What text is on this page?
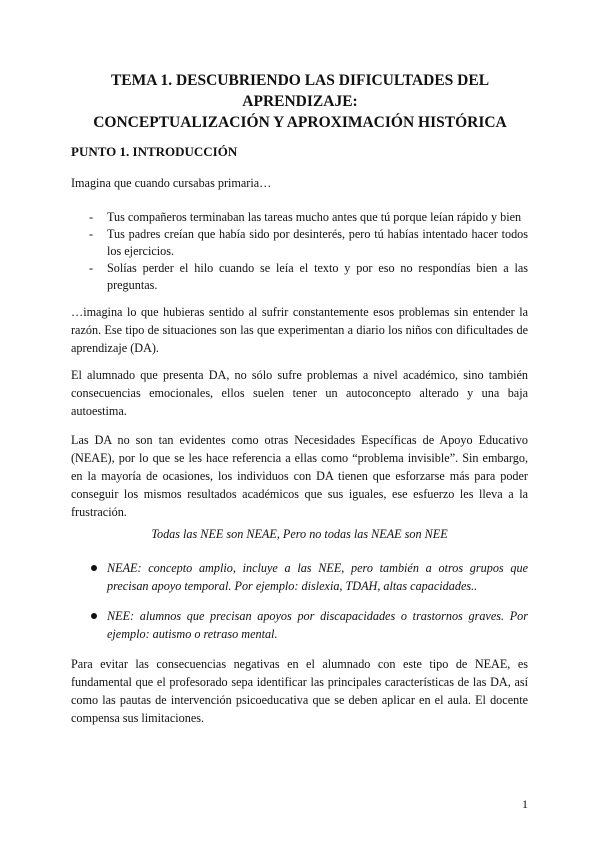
TEMA 1. DESCUBRIENDO LAS DIFICULTADES DEL APRENDIZAJE:
CONCEPTUALIZACIÓN Y APROXIMACIÓN HISTÓRICA
PUNTO 1. INTRODUCCIÓN

Imagina que cuando cursabas primaria…

- Tus compañeros terminaban las tareas mucho antes que tú porque leían rápido y bien
- Tus padres creían que había sido por desinterés, pero tú habías intentado hacer todos los ejercicios.
- Solías perder el hilo cuando se leía el texto y por eso no respondías bien a las preguntas.

…imagina lo que hubieras sentido al sufrir constantemente esos problemas sin entender la razón. Ese tipo de situaciones son las que experimentan a diario los niños con dificultades de aprendizaje (DA).

El alumnado que presenta DA, no sólo sufre problemas a nivel académico, sino también consecuencias emocionales, ellos suelen tener un autoconcepto alterado y una baja autoestima.

Las DA no son tan evidentes como otras Necesidades Específicas de Apoyo Educativo (NEAE), por lo que se les hace referencia a ellas como “problema invisible”. Sin embargo, en la mayoría de ocasiones, los individuos con DA tienen que esforzarse más para poder conseguir los mismos resultados académicos que sus iguales, ese esfuerzo les lleva a la frustración.

Todas las NEE son NEAE, Pero no todas las NEAE son NEE
NEAE: concepto amplio, incluye a las NEE, pero también a otros grupos que precisan apoyo temporal. Por ejemplo: dislexia, TDAH, altas capacidades..
NEE: alumnos que precisan apoyos por discapacidades o trastornos graves. Por ejemplo: autismo o retraso mental.

Para evitar las consecuencias negativas en el alumnado con este tipo de NEAE, es fundamental que el profesorado sepa identificar las principales características de las DA, así como las pautas de intervención psicoeducativa que se deben aplicar en el aula. El docente compensa sus limitaciones.

1
